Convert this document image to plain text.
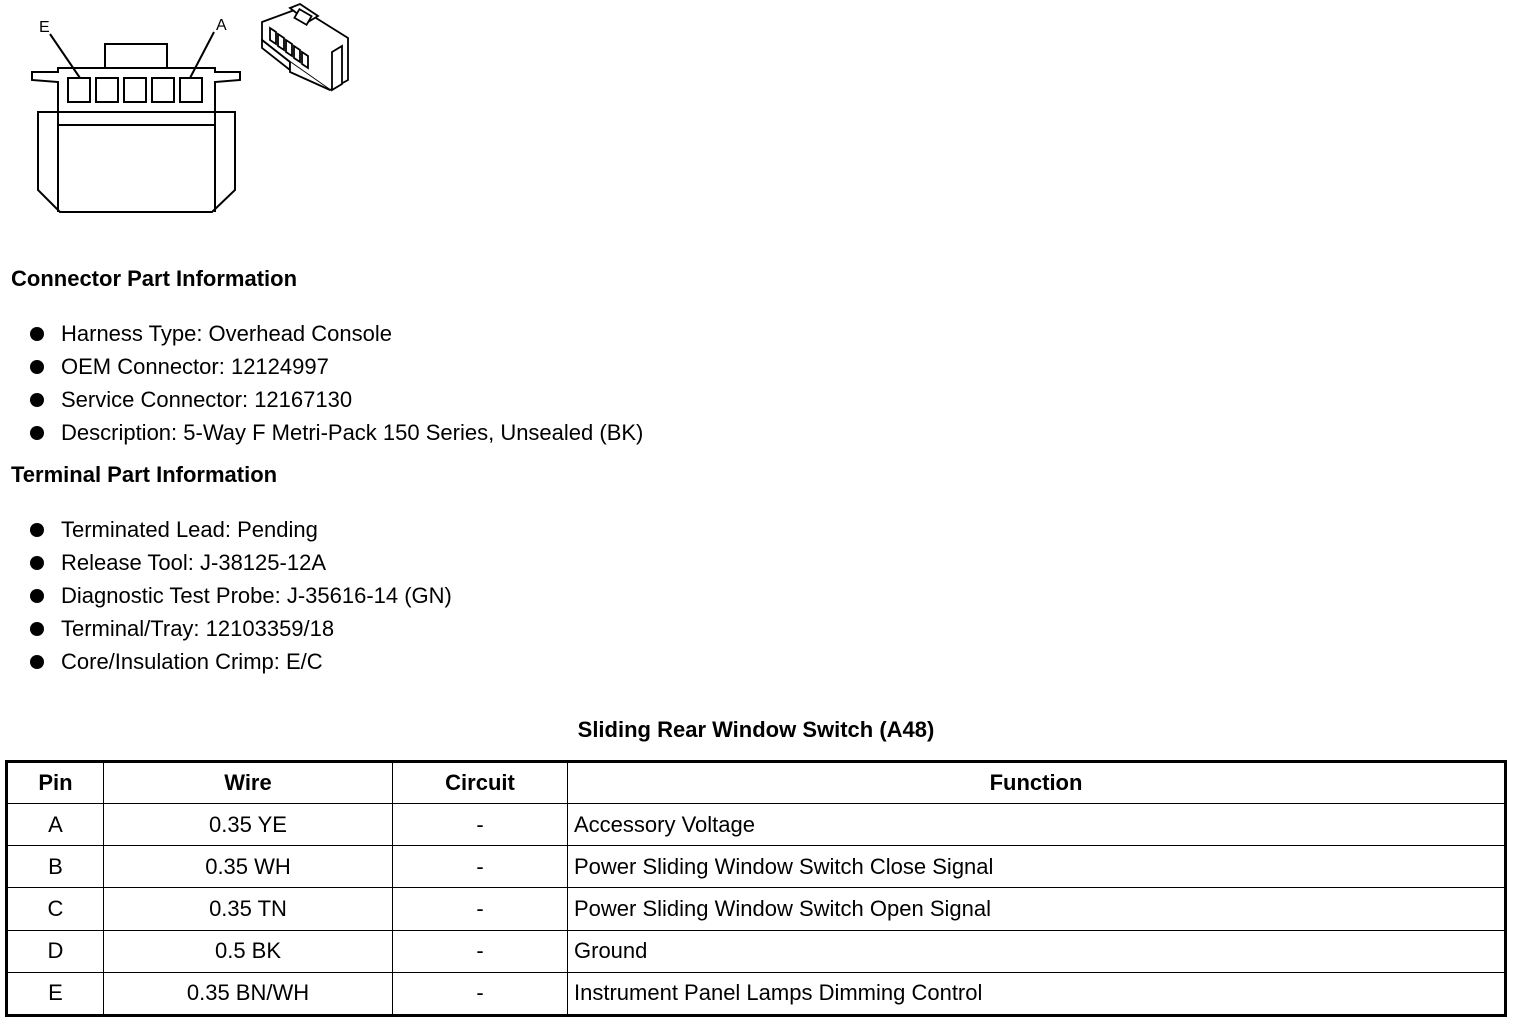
E	A
Connector Part Information
Harness Type: Overhead Console
OEM Connector: 12124997
Service Connector: 12167130
Description: 5-Way F Metri-Pack 150 Series, Unsealed (BK)
Terminal Part Information
Terminated Lead: Pending
Release Tool: J-38125-12A
Diagnostic Test Probe: J-35616-14 (GN)
Terminal/Tray: 12103359/18
Core/Insulation Crimp: E/C
Sliding Rear Window Switch (A48)
Pin	Wire	Circuit	Function
A	0.35 YE	-	Accessory Voltage
B	0.35 WH	-	Power Sliding Window Switch Close Signal
C	0.35 TN	-	Power Sliding Window Switch Open Signal
D	0.5 BK	-	Ground
E	0.35 BN/WH	-	Instrument Panel Lamps Dimming Control
